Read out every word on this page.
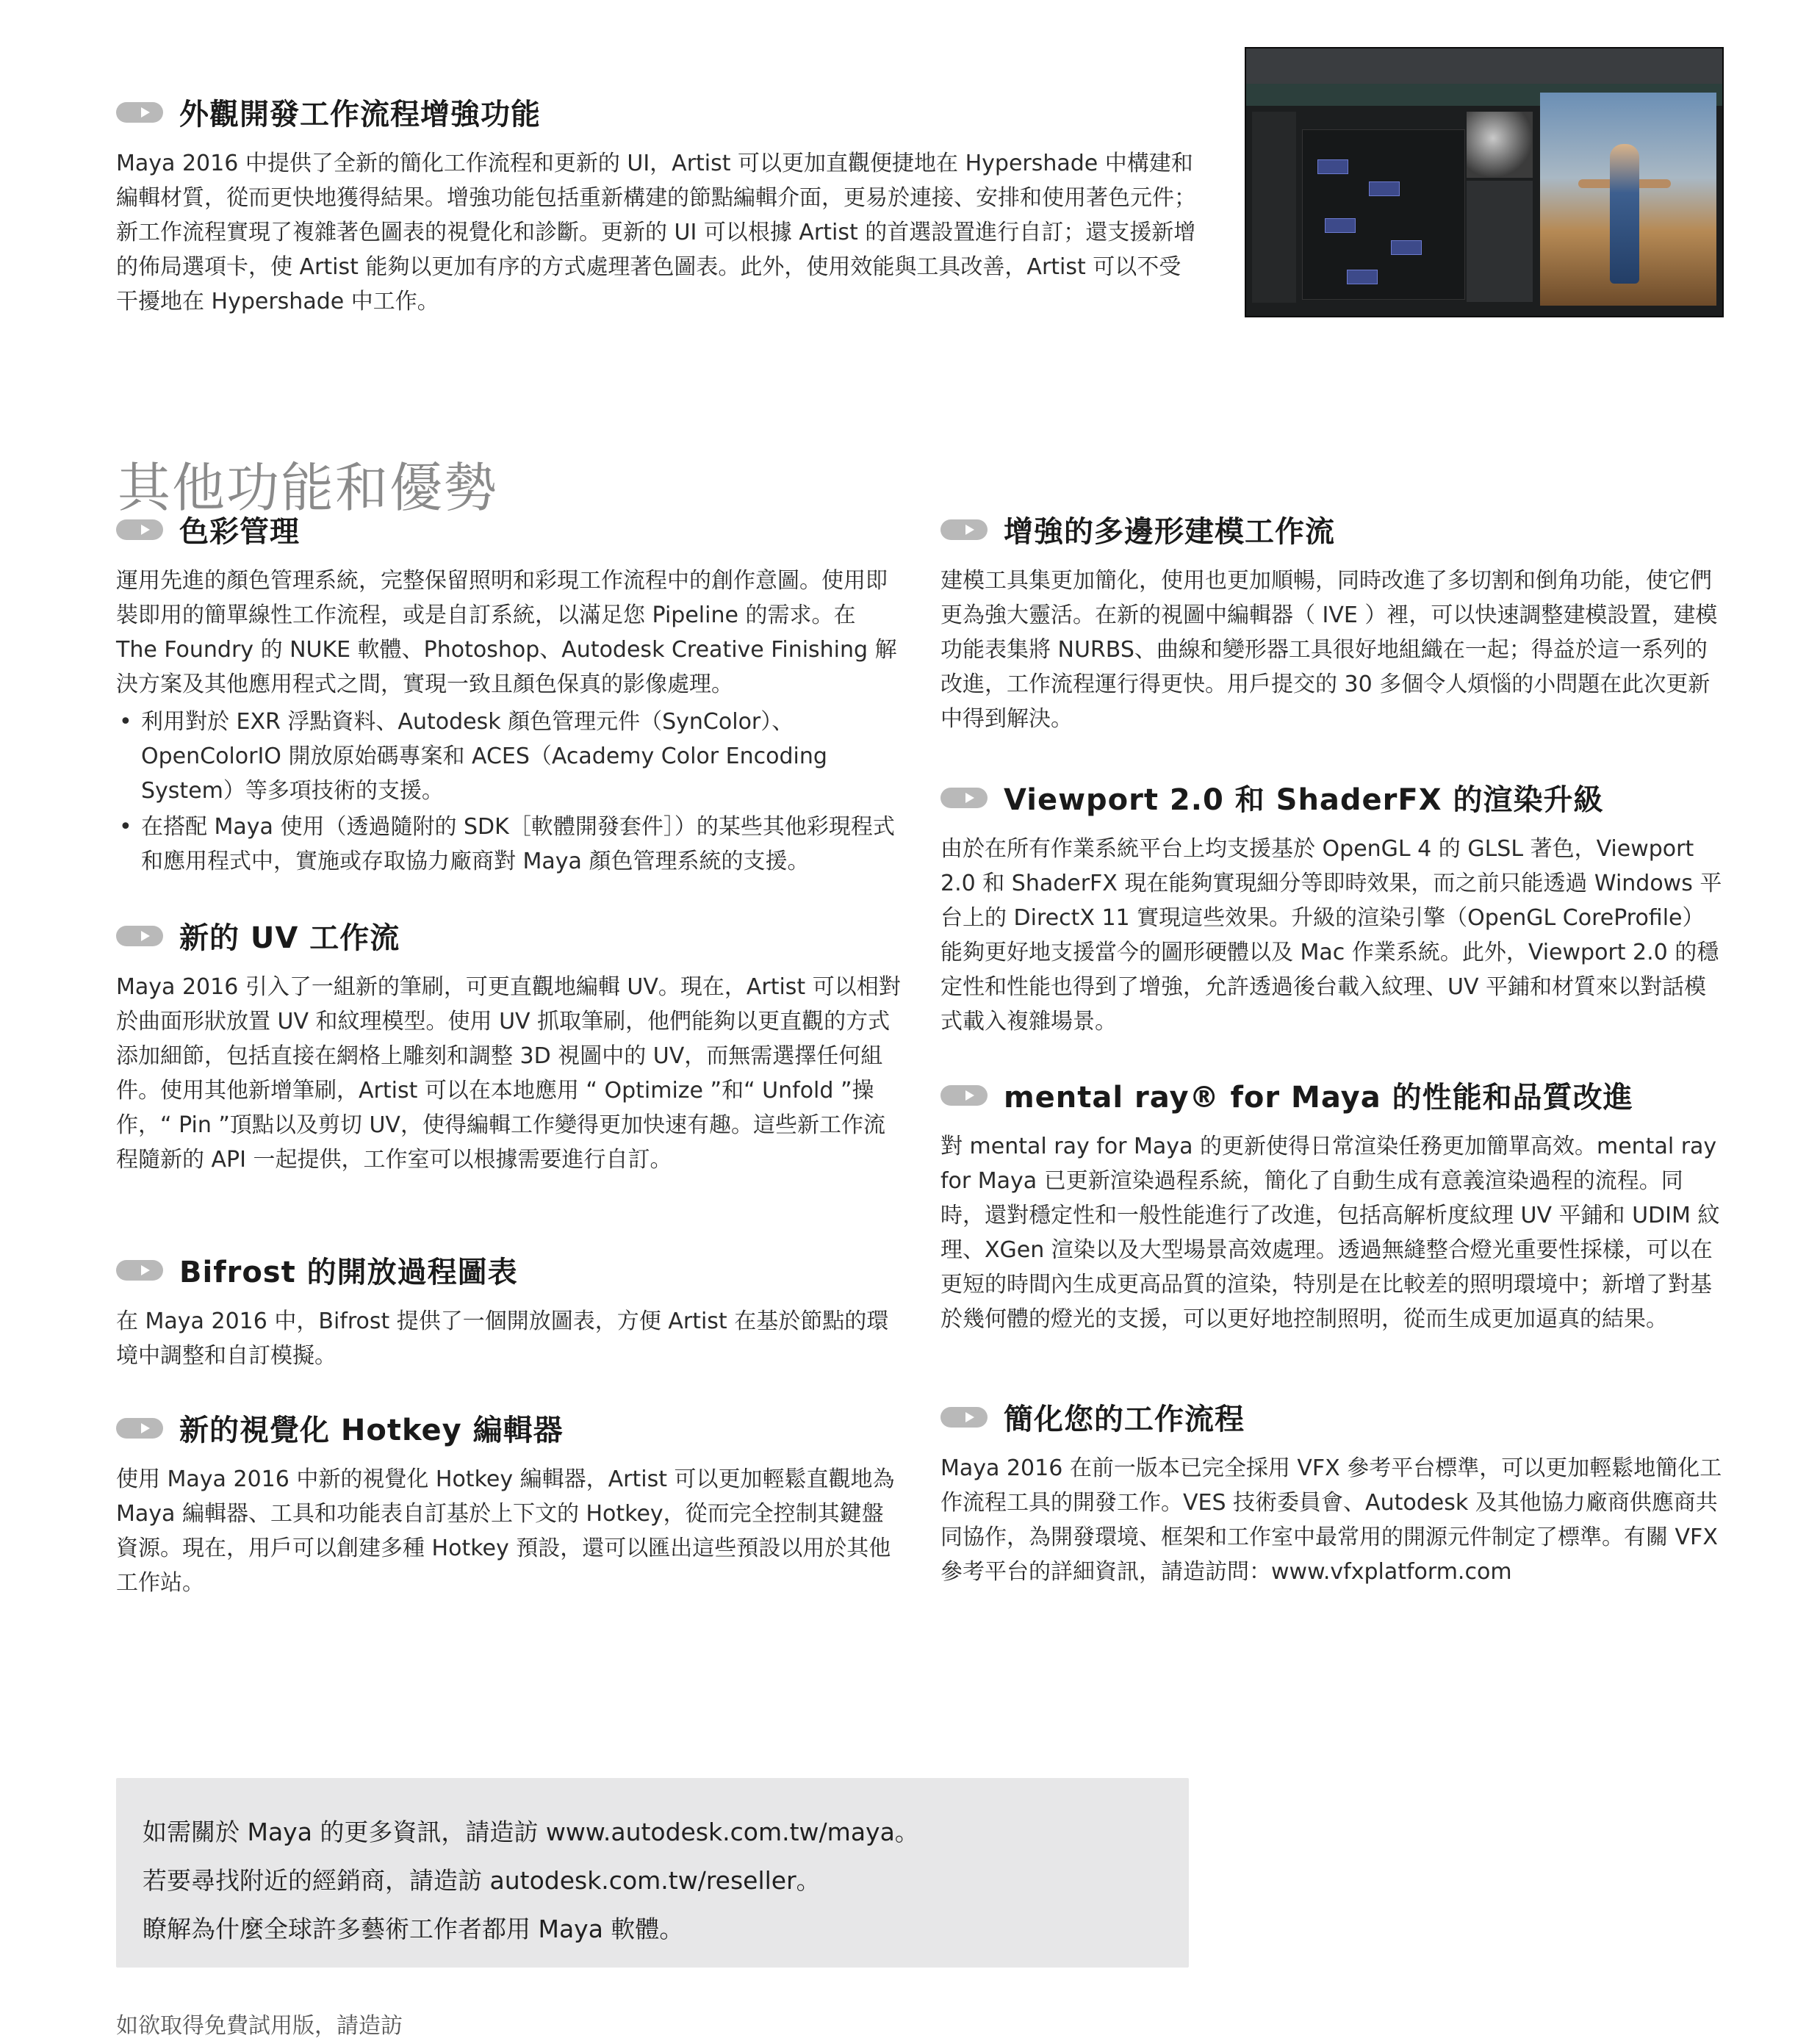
外觀開發工作流程增強功能

Maya 2016 中提供了全新的簡化工作流程和更新的 UI，Artist 可以更加直觀便捷地在 Hypershade 中構建和編輯材質，從而更快地獲得結果。增強功能包括重新構建的節點編輯介面，更易於連接、安排和使用著色元件；新工作流程實現了複雜著色圖表的視覺化和診斷。更新的 UI 可以根據 Artist 的首選設置進行自訂；還支援新增的佈局選項卡，使 Artist 能夠以更加有序的方式處理著色圖表。此外，使用效能與工具改善，Artist 可以不受干擾地在 Hypershade 中工作。

其他功能和優勢
色彩管理

運用先進的顏色管理系統，完整保留照明和彩現工作流程中的創作意圖。使用即裝即用的簡單線性工作流程，或是自訂系統，以滿足您 Pipeline 的需求。在 The Foundry 的 NUKE 軟體、Photoshop、Autodesk Creative Finishing 解決方案及其他應用程式之間，實現一致且顏色保真的影像處理。

• 利用對於 EXR 浮點資料、Autodesk 顏色管理元件（SynColor）、OpenColorIO 開放原始碼專案和 ACES（Academy Color Encoding System）等多項技術的支援。
• 在搭配 Maya 使用（透過隨附的 SDK［軟體開發套件］）的某些其他彩現程式和應用程式中，實施或存取協力廠商對 Maya 顏色管理系統的支援。
新的 UV 工作流

Maya 2016 引入了一組新的筆刷，可更直觀地編輯 UV。現在，Artist 可以相對於曲面形狀放置 UV 和紋理模型。使用 UV 抓取筆刷，他們能夠以更直觀的方式添加細節，包括直接在網格上雕刻和調整 3D 視圖中的 UV，而無需選擇任何組件。使用其他新增筆刷，Artist 可以在本地應用 “ Optimize ”和“ Unfold ”操作，“ Pin ”頂點以及剪切 UV，使得編輯工作變得更加快速有趣。這些新工作流程隨新的 API 一起提供，工作室可以根據需要進行自訂。

Bifrost 的開放過程圖表

在 Maya 2016 中，Bifrost 提供了一個開放圖表，方便 Artist 在基於節點的環境中調整和自訂模擬。

新的視覺化 Hotkey 編輯器

使用 Maya 2016 中新的視覺化 Hotkey 編輯器，Artist 可以更加輕鬆直觀地為 Maya 編輯器、工具和功能表自訂基於上下文的 Hotkey，從而完全控制其鍵盤資源。現在，用戶可以創建多種 Hotkey 預設，還可以匯出這些預設以用於其他工作站。

增強的多邊形建模工作流

建模工具集更加簡化，使用也更加順暢，同時改進了多切割和倒角功能，使它們更為強大靈活。在新的視圖中編輯器（ IVE ）裡，可以快速調整建模設置，建模功能表集將 NURBS、曲線和變形器工具很好地組織在一起；得益於這一系列的改進，工作流程運行得更快。用戶提交的 30 多個令人煩惱的小問題在此次更新中得到解決。

Viewport 2.0 和 ShaderFX 的渲染升級

由於在所有作業系統平台上均支援基於 OpenGL 4 的 GLSL 著色，Viewport 2.0 和 ShaderFX 現在能夠實現細分等即時效果，而之前只能透過 Windows 平台上的 DirectX 11 實現這些效果。升級的渲染引擎（OpenGL CoreProfile）能夠更好地支援當今的圖形硬體以及 Mac 作業系統。此外，Viewport 2.0 的穩定性和性能也得到了增強，允許透過後台載入紋理、UV 平鋪和材質來以對話模式載入複雜場景。

mental ray® for Maya 的性能和品質改進

對 mental ray for Maya 的更新使得日常渲染任務更加簡單高效。mental ray for Maya 已更新渲染過程系統，簡化了自動生成有意義渲染過程的流程。同時，還對穩定性和一般性能進行了改進，包括高解析度紋理 UV 平鋪和 UDIM 紋理、XGen 渲染以及大型場景高效處理。透過無縫整合燈光重要性採樣，可以在更短的時間內生成更高品質的渲染，特別是在比較差的照明環境中；新增了對基於幾何體的燈光的支援，可以更好地控制照明，從而生成更加逼真的結果。

簡化您的工作流程

Maya 2016 在前一版本已完全採用 VFX 參考平台標準，可以更加輕鬆地簡化工作流程工具的開發工作。VES 技術委員會、Autodesk 及其他協力廠商供應商共同協作，為開發環境、框架和工作室中最常用的開源元件制定了標準。有關 VFX 參考平台的詳細資訊，請造訪問：www.vfxplatform.com

如需關於 Maya 的更多資訊，請造訪 www.autodesk.com.tw/maya。
若要尋找附近的經銷商，請造訪 autodesk.com.tw/reseller。
瞭解為什麼全球許多藝術工作者都用 Maya 軟體。
如欲取得免費試用版，請造訪
